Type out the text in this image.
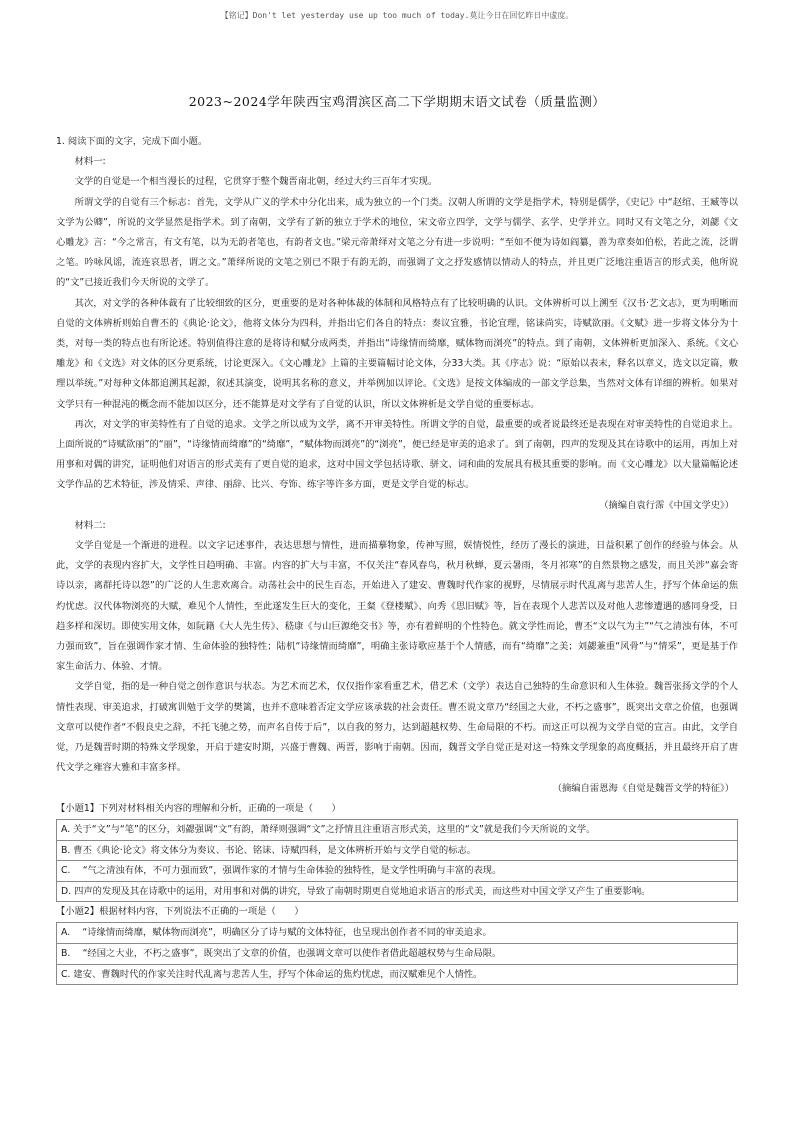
【铭记】Don't let yesterday use up too much of today.莫让今日在回忆昨日中虚度。
2023~2024学年陕西宝鸡渭滨区高二下学期期末语文试卷（质量监测）

1. 阅读下面的文字，完成下面小题。

材料一:

文学的自觉是一个相当漫长的过程，它贯穿于整个魏晋南北朝，经过大约三百年才实现。

所谓文学的自觉有三个标志：首先，文学从广义的学术中分化出来，成为独立的一个门类。汉朝人所谓的文学是指学术，特别是儒学，《史记》中“赵绾、王臧等以文学为公卿”，所说的文学显然是指学术。到了南朝，文学有了新的独立于学术的地位，宋文帝立四学，文学与儒学、玄学、史学并立。同时又有文笔之分，刘勰《文心雕龙》言：“今之常言，有文有笔，以为无韵者笔也，有韵者文也。”梁元帝萧绎对文笔之分有进一步说明：“至如不便为诗如阎纂，善为章奏如伯松，若此之流，泛谓之笔。吟咏风谣，流连哀思者，谓之文。”萧绎所说的文笔之别已不限于有韵无韵，而强调了文之抒发感情以情动人的特点，并且更广泛地注重语言的形式美，他所说的“文”已接近我们今天所说的文学了。

其次，对文学的各种体裁有了比较细致的区分，更重要的是对各种体裁的体制和风格特点有了比较明确的认识。文体辨析可以上溯至《汉书·艺文志》，更为明晰而自觉的文体辨析则始自曹丕的《典论·论文》，他将文体分为四科，并指出它们各自的特点：奏议宜雅，书论宜理，铭诔尚实，诗赋欲丽。《文赋》进一步将文体分为十类，对每一类的特点也有所论述。特别值得注意的是将诗和赋分成两类，并指出“诗缘情而绮靡，赋体物而浏亮”的特点。到了南朝，文体辨析更加深入、系统。《文心雕龙》和《文选》对文体的区分更系统，讨论更深入。《文心雕龙》上篇的主要篇幅讨论文体，分33大类。其《序志》说：“原始以表末，释名以章义，选文以定篇，敷理以举统。”对每种文体都追溯其起源，叙述其演变，说明其名称的意义，并举例加以评论。《文选》是按文体编成的一部文学总集，当然对文体有详细的辨析。如果对文学只有一种混沌的概念而不能加以区分，还不能算是对文学有了自觉的认识，所以文体辨析是文学自觉的重要标志。

再次，对文学的审美特性有了自觉的追求。文学之所以成为文学，离不开审美特性。所谓文学的自觉，最重要的或者说最终还是表现在对审美特性的自觉追求上。上面所说的“诗赋欲丽”的“丽”，“诗缘情而绮靡”的“绮靡”，“赋体物而浏亮”的“浏亮”，便已经是审美的追求了。到了南朝，四声的发现及其在诗歌中的运用，再加上对用事和对偶的讲究，证明他们对语言的形式美有了更自觉的追求，这对中国文学包括诗歌、骈文、词和曲的发展具有极其重要的影响。而《文心雕龙》以大量篇幅论述文学作品的艺术特征，涉及情采、声律、丽辞、比兴、夸饰、练字等许多方面，更是文学自觉的标志。

（摘编自袁行霈《中国文学史》）

材料二:

文学自觉是一个渐进的进程。以文字记述事件，表达思想与情性，进而描摹物象，传神写照，娱情悦性，经历了漫长的演进，日益积累了创作的经验与体会。从此，文学的表现内容扩大，文学性日趋明确、丰富。内容的扩大与丰富，不仅关注“春风春鸟，秋月秋蝉，夏云暑雨，冬月祁寒”的自然景物之感发，而且关涉“嘉会寄诗以亲，离群托诗以怨”的广泛的人生悲欢离合。动荡社会中的民生百态，开始进入了建安、曹魏时代作家的视野，尽情展示时代乱离与悲苦人生，抒写个体命运的焦灼忧虑。汉代体物浏亮的大赋，难见个人情性，至此遂发生巨大的变化，王粲《登楼赋》、向秀《思旧赋》等，旨在表现个人悲苦以及对他人悲惨遭遇的感同身受，日趋多样和深切。即使实用文体，如阮籍《大人先生传》、嵇康《与山巨源绝交书》等，亦有着鲜明的个性特色。就文学性而论，曹丕“文以气为主”“气之清浊有体，不可力强而致”，旨在强调作家才情、生命体验的独特性；陆机“诗缘情而绮靡”，明确主张诗歌应基于个人情感，而有“绮靡”之美；刘勰兼重“风骨”与“情采”，更是基于作家生命活力、体验、才情。

文学自觉，指的是一种自觉之创作意识与状态。为艺术而艺术，仅仅指作家看重艺术，借艺术（文学）表达自己独特的生命意识和人生体验。魏晋张扬文学的个人情性表现、审美追求，打破寓训勉于文学的樊篱，也并不意味着否定文学应该承载的社会责任。曹丕说文章乃“经国之大业，不朽之盛事”，既突出文章之价值，也强调文章可以使作者“不假良史之辞，不托飞驰之势，而声名自传于后”，以自我的努力，达到超越权势、生命局限的不朽。而这正可以视为文学自觉的宣言。由此，文学自觉，乃是魏晋时期的特殊文学现象，开启于建安时期，兴盛于曹魏、两晋，影响于南朝。因而，魏晋文学自觉正是对这一特殊文学现象的高度概括，并且最终开启了唐代文学之雍容大雅和丰富多样。

（摘编自雷恩海《自觉是魏晋文学的特征》）

【小题1】下列对材料相关内容的理解和分析，正确的一项是（　　）

A. 关于“文”与“笔”的区分，刘勰强调“文”有韵，萧绎则强调“文”之抒情且注重语言形式美，这里的“文”就是我们今天所说的文学。
B. 曹丕《典论·论文》将文体分为奏议、书论、铭诔、诗赋四科，是文体辨析开始与文学自觉的标志。
C. 　“气之清浊有体，不可力强而致”，强调作家的才情与生命体验的独特性，是文学性明确与丰富的表现。
D. 四声的发现及其在诗歌中的运用，对用事和对偶的讲究，导致了南朝时期更自觉地追求语言的形式美，而这些对中国文学又产生了重要影响。

【小题2】根据材料内容，下列说法不正确的一项是（　　）

A. 　“诗缘情而绮靡，赋体物而浏亮”，明确区分了诗与赋的文体特征，也呈现出创作者不同的审美追求。
B. 　“经国之大业，不朽之盛事”，既突出了文章的价值，也强调文章可以使作者借此超越权势与生命局限。
C. 建安、曹魏时代的作家关注时代乱离与悲苦人生，抒写个体命运的焦灼忧虑，而汉赋难见个人情性。
